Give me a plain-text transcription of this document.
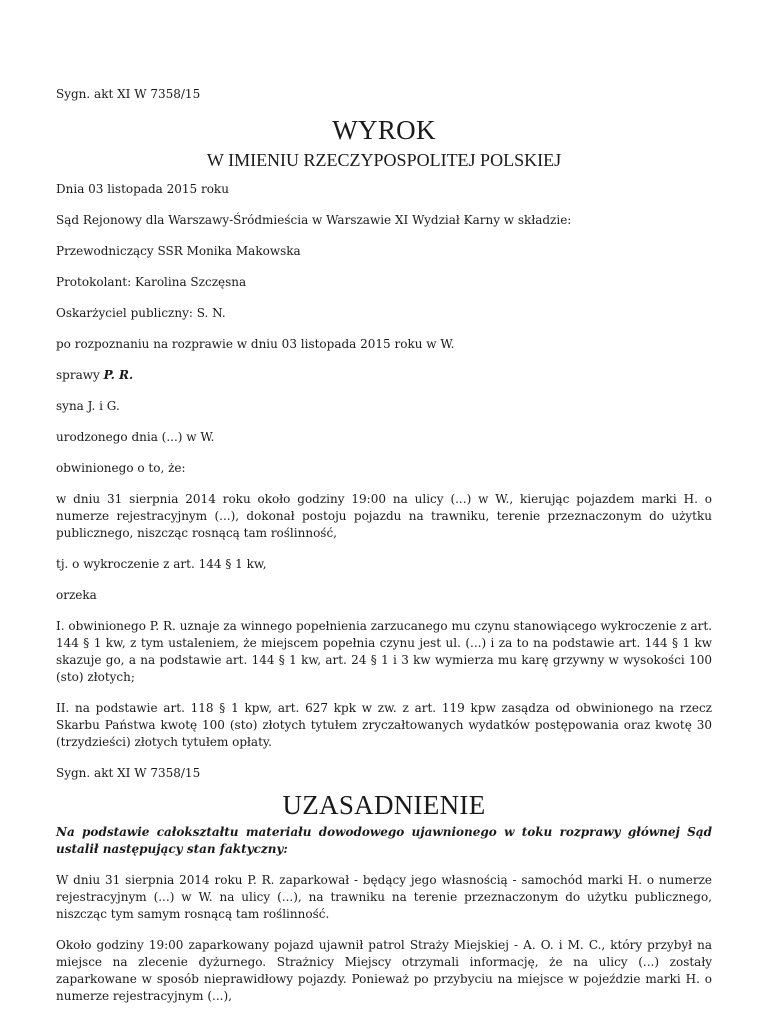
Sygn. akt XI W 7358/15

WYROK
W IMIENIU RZECZYPOSPOLITEJ POLSKIEJ

Dnia 03 listopada 2015 roku

Sąd Rejonowy dla Warszawy-Śródmieścia w Warszawie XI Wydział Karny w składzie:

Przewodniczący SSR Monika Makowska

Protokolant: Karolina Szczęsna

Oskarżyciel publiczny: S. N.

po rozpoznaniu na rozprawie w dniu 03 listopada 2015 roku w W.

sprawy P. R.

syna J. i G.

urodzonego dnia (...) w W.

obwinionego o to, że:

w dniu 31 sierpnia 2014 roku około godziny 19:00 na ulicy (...) w W., kierując pojazdem marki H. o numerze rejestracyjnym (...), dokonał postoju pojazdu na trawniku, terenie przeznaczonym do użytku publicznego, niszcząc rosnącą tam roślinność,

tj. o wykroczenie z art. 144 § 1 kw,

orzeka

I. obwinionego P. R. uznaje za winnego popełnienia zarzucanego mu czynu stanowiącego wykroczenie z art. 144 § 1 kw, z tym ustaleniem, że miejscem popełnia czynu jest ul. (...) i za to na podstawie art. 144 § 1 kw skazuje go, a na podstawie art. 144 § 1 kw, art. 24 § 1 i 3 kw wymierza mu karę grzywny w wysokości 100 (sto) złotych;

II. na podstawie art. 118 § 1 kpw, art. 627 kpk w zw. z art. 119 kpw zasądza od obwinionego na rzecz Skarbu Państwa kwotę 100 (sto) złotych tytułem zryczałtowanych wydatków postępowania oraz kwotę 30 (trzydzieści) złotych tytułem opłaty.

Sygn. akt XI W 7358/15

UZASADNIENIE

Na podstawie całokształtu materiału dowodowego ujawnionego w toku rozprawy głównej Sąd ustalił następujący stan faktyczny:

W dniu 31 sierpnia 2014 roku P. R. zaparkował - będący jego własnością - samochód marki H. o numerze rejestracyjnym (...) w W. na ulicy (...), na trawniku na terenie przeznaczonym do użytku publicznego, niszcząc tym samym rosnącą tam roślinność.

Około godziny 19:00 zaparkowany pojazd ujawnił patrol Straży Miejskiej - A. O. i M. C., który przybył na miejsce na zlecenie dyżurnego. Strażnicy Miejscy otrzymali informację, że na ulicy (...) zostały zaparkowane w sposób nieprawidłowy pojazdy. Ponieważ po przybyciu na miejsce w pojeździe marki H. o numerze rejestracyjnym (...),
